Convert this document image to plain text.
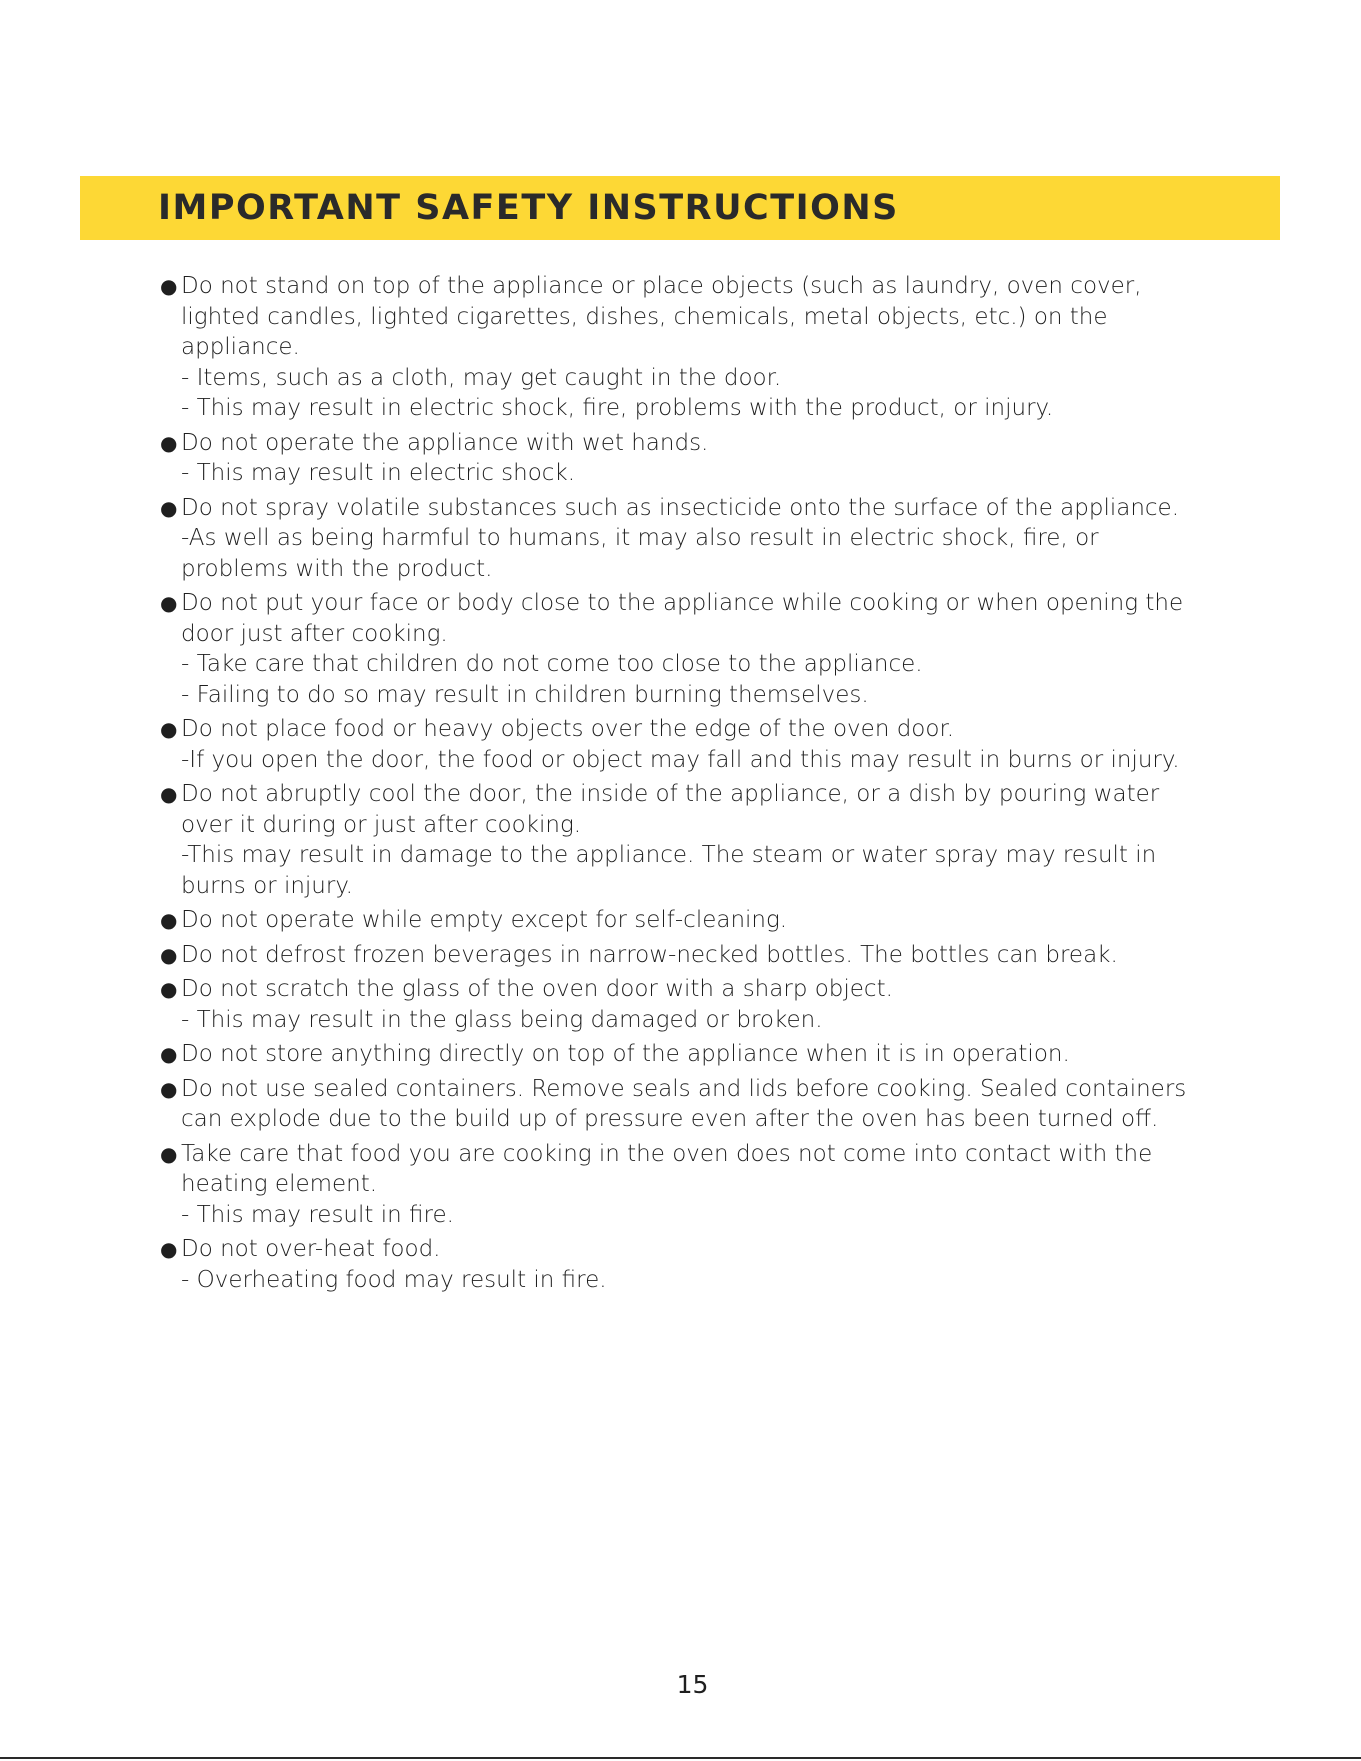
IMPORTANT SAFETY INSTRUCTIONS
● Do not stand on top of the appliance or place objects (such as laundry, oven cover, lighted candles, lighted cigarettes, dishes, chemicals, metal objects, etc.) on the appliance.
- Items, such as a cloth, may get caught in the door.
- This may result in electric shock, fire, problems with the product, or injury.
● Do not operate the appliance with wet hands.
- This may result in electric shock.
● Do not spray volatile substances such as insecticide onto the surface of the appliance.
-As well as being harmful to humans, it may also result in electric shock, fire, or problems with the product.
● Do not put your face or body close to the appliance while cooking or when opening the door just after cooking.
- Take care that children do not come too close to the appliance.
- Failing to do so may result in children burning themselves.
● Do not place food or heavy objects over the edge of the oven door.
-If you open the door, the food or object may fall and this may result in burns or injury.
● Do not abruptly cool the door, the inside of the appliance, or a dish by pouring water over it during or just after cooking.
-This may result in damage to the appliance. The steam or water spray may result in burns or injury.
● Do not operate while empty except for self-cleaning.
● Do not defrost frozen beverages in narrow-necked bottles. The bottles can break.
● Do not scratch the glass of the oven door with a sharp object.
- This may result in the glass being damaged or broken.
● Do not store anything directly on top of the appliance when it is in operation.
● Do not use sealed containers. Remove seals and lids before cooking. Sealed containers can explode due to the build up of pressure even after the oven has been turned off.
● Take care that food you are cooking in the oven does not come into contact with the heating element.
- This may result in fire.
● Do not over-heat food.
- Overheating food may result in fire.
15
